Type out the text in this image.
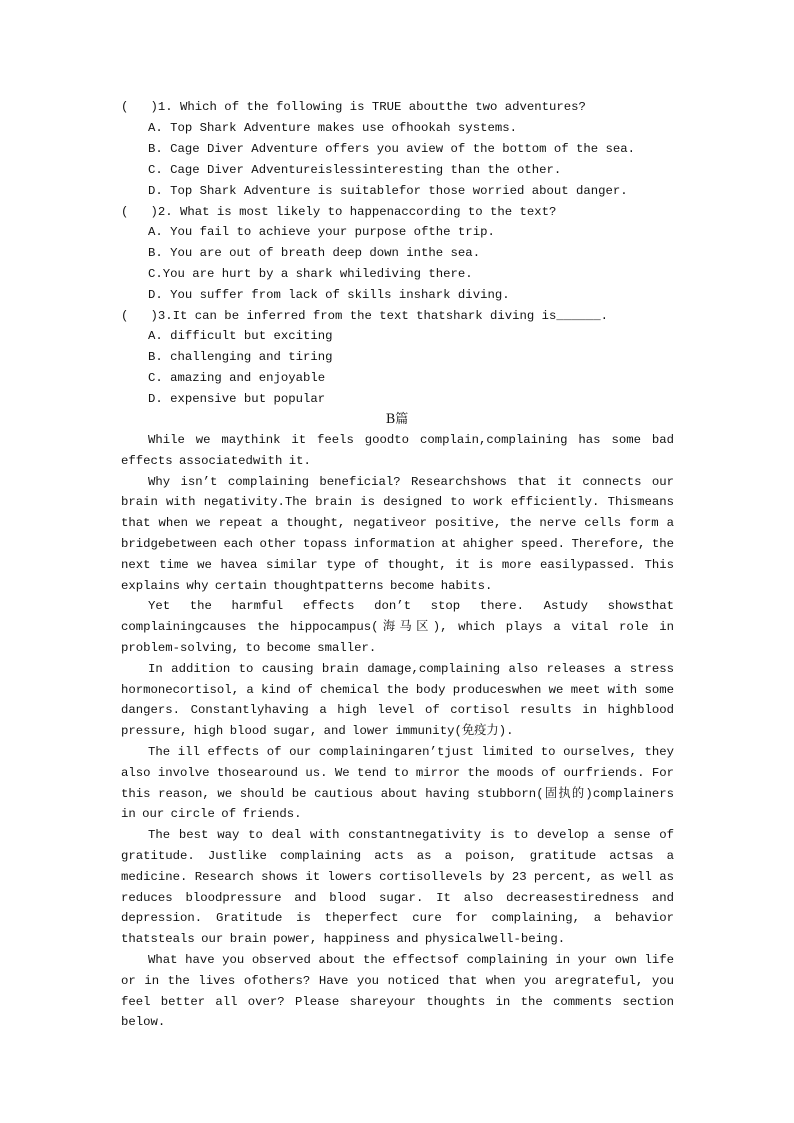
(   )1. Which of the following is TRUE aboutthe two adventures?
A. Top Shark Adventure makes use ofhookah systems.
B. Cage Diver Adventure offers you aview of the bottom of the sea.
C. Cage Diver Adventureislessinteresting than the other.
D. Top Shark Adventure is suitablefor those worried about danger.
(   )2. What is most likely to happenaccording to the text?
A. You fail to achieve your purpose ofthe trip.
B. You are out of breath deep down inthe sea.
C.You are hurt by a shark whilediving there.
D. You suffer from lack of skills inshark diving.
(   )3.It can be inferred from the text thatshark diving is______.
A. difficult but exciting
B. challenging and tiring
C. amazing and enjoyable
D. expensive but popular
B篇

While we maythink it feels goodto complain,complaining has some bad effects associatedwith it.

Why isn’t complaining beneficial? Researchshows that it connects our brain with negativity.The brain is designed to work efficiently. Thismeans that when we repeat a thought, negativeor positive, the nerve cells form a bridgebetween each other topass information at ahigher speed. Therefore, the next time we havea similar type of thought, it is more easilypassed. This explains why certain thoughtpatterns become habits.

Yet the harmful effects don’t stop there. Astudy showsthat complainingcauses the hippocampus(海马区), which plays a vital role in problem-solving, to become smaller.

In addition to causing brain damage,complaining also releases a stress hormonecortisol, a kind of chemical the body produceswhen we meet with some dangers. Constantlyhaving a high level of cortisol results in highblood pressure, high blood sugar, and lower immunity(免疫力).

The ill effects of our complainingaren’tjust limited to ourselves, they also involve thosearound us. We tend to mirror the moods of ourfriends. For this reason, we should be cautious about having stubborn(固执的)complainers in our circle of friends.

The best way to deal with constantnegativity is to develop a sense of gratitude. Justlike complaining acts as a poison, gratitude actsas a medicine. Research shows it lowers cortisollevels by 23 percent, as well as reduces bloodpressure and blood sugar. It also decreasestiredness and depression. Gratitude is theperfect cure for complaining, a behavior thatsteals our brain power, happiness and physicalwell-being.

What have you observed about the effectsof complaining in your own life or in the lives ofothers? Have you noticed that when you aregrateful, you feel better all over? Please shareyour thoughts in the comments section below.
